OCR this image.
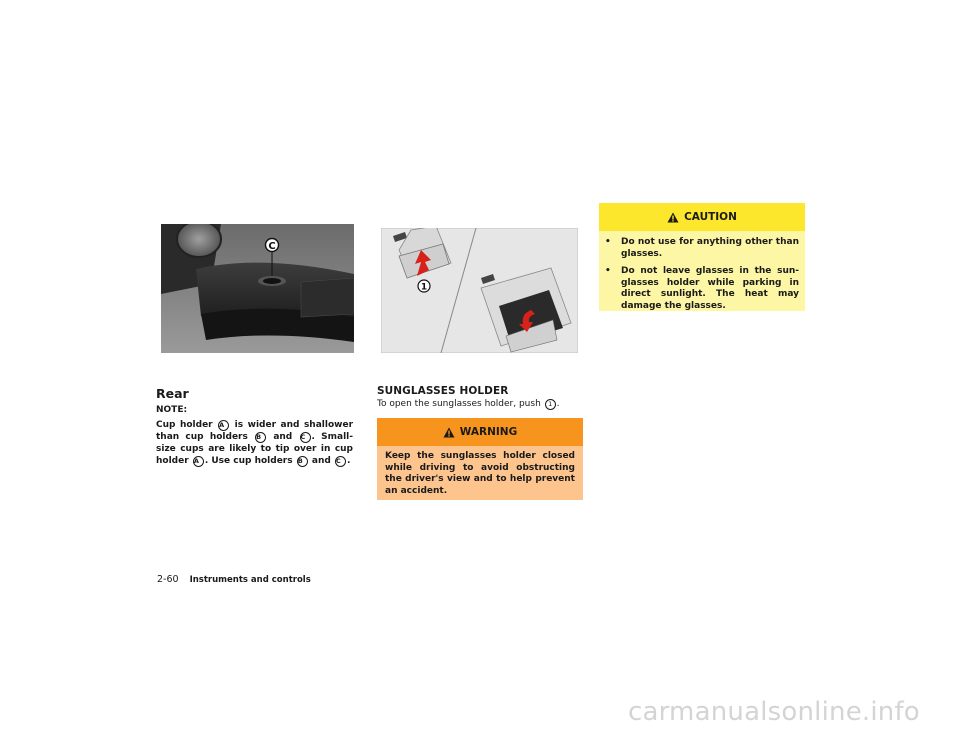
C
1
Rear
NOTE:
Cup holder A is wider and shallower than cup holders B and C . Small-size cups are likely to tip over in cup holder A . Use cup holders B and C .
SUNGLASSES HOLDER
To open the sunglasses holder, push 1 .
WARNING
Keep the sunglasses holder closed while driving to avoid obstructing the driver's view and to help prevent an accident.
CAUTION
• Do not use for anything other than glasses.
• Do not leave glasses in the sun-glasses holder while parking in direct sunlight. The heat may damage the glasses.
2-60 Instruments and controls
carmanualsonline.info
